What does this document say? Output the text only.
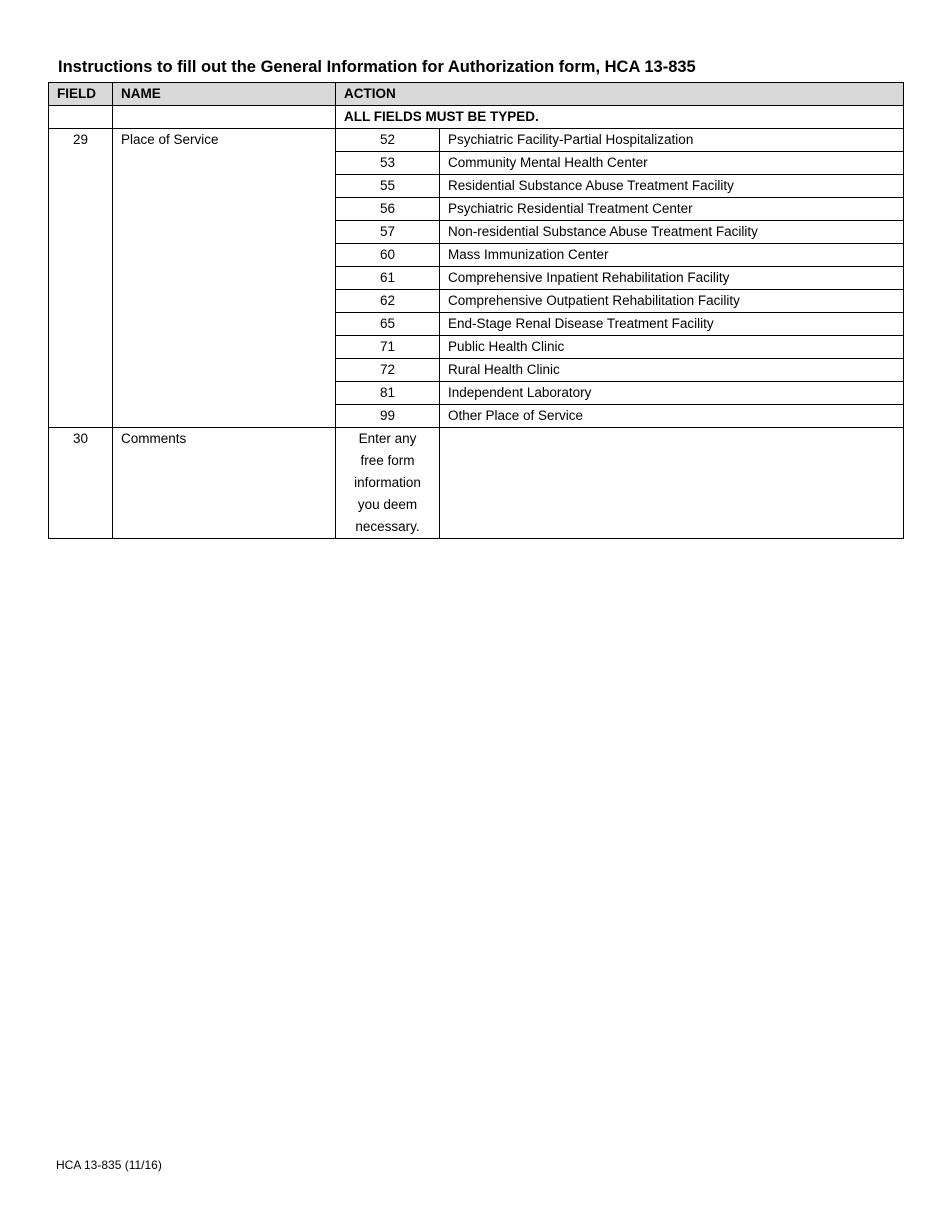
Instructions to fill out the General Information for Authorization form, HCA 13-835
FIELD	NAME	ACTION	
		ALL FIELDS MUST BE TYPED.	
29	Place of Service	52	Psychiatric Facility-Partial Hospitalization
		53	Community Mental Health Center
		55	Residential Substance Abuse Treatment Facility
		56	Psychiatric Residential Treatment Center
		57	Non-residential Substance Abuse Treatment Facility
		60	Mass Immunization Center
		61	Comprehensive Inpatient Rehabilitation Facility
		62	Comprehensive Outpatient Rehabilitation Facility
		65	End-Stage Renal Disease Treatment Facility
		71	Public Health Clinic
		72	Rural Health Clinic
		81	Independent Laboratory
		99	Other Place of Service
30	Comments	Enter any
free form
information
you deem
necessary.	

HCA 13-835 (11/16)
